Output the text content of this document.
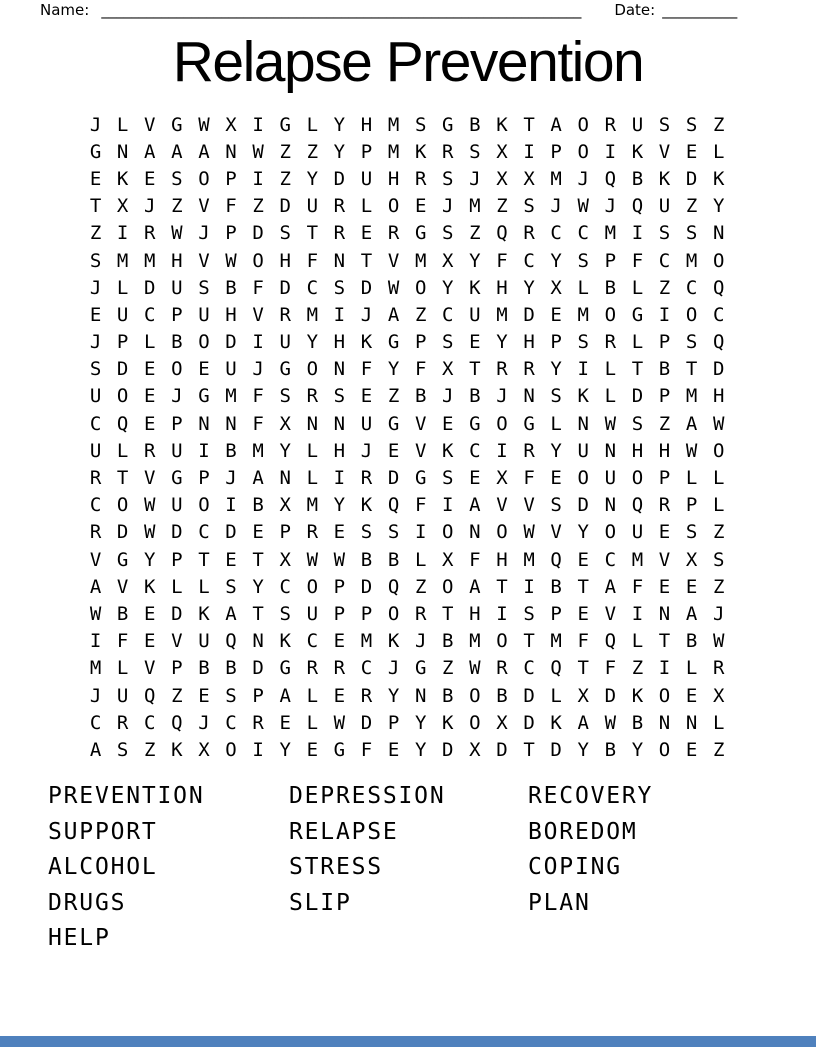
Name: ________________________________________________________________ Date: __________
Relapse Prevention
J L V G W X I G L Y H M S G B K T A O R U S S Z
G N A A A N W Z Z Y P M K R S X I P O I K V E L
E K E S O P I Z Y D U H R S J X X M J Q B K D K
T X J Z V F Z D U R L O E J M Z S J W J Q U Z Y
Z I R W J P D S T R E R G S Z Q R C C M I S S N
S M M H V W O H F N T V M X Y F C Y S P F C M O
J L D U S B F D C S D W O Y K H Y X L B L Z C Q
E U C P U H V R M I J A Z C U M D E M O G I O C
J P L B O D I U Y H K G P S E Y H P S R L P S Q
S D E O E U J G O N F Y F X T R R Y I L T B T D
U O E J G M F S R S E Z B J B J N S K L D P M H
C Q E P N N F X N N U G V E G O G L N W S Z A W
U L R U I B M Y L H J E V K C I R Y U N H H W O
R T V G P J A N L I R D G S E X F E O U O P L L
C O W U O I B X M Y K Q F I A V V S D N Q R P L
R D W D C D E P R E S S I O N O W V Y O U E S Z
V G Y P T E T X W W B B L X F H M Q E C M V X S
A V K L L S Y C O P D Q Z O A T I B T A F E E Z
W B E D K A T S U P P O R T H I S P E V I N A J
I F E V U Q N K C E M K J B M O T M F Q L T B W
M L V P B B D G R R C J G Z W R C Q T F Z I L R
J U Q Z E S P A L E R Y N B O B D L X D K O E X
C R C Q J C R E L W D P Y K O X D K A W B N N L
A S Z K X O I Y E G F E Y D X D T D Y B Y O E Z
PREVENTION
SUPPORT
ALCOHOL
DRUGS
HELP
DEPRESSION
RELAPSE
STRESS
SLIP
RECOVERY
BOREDOM
COPING
PLAN
